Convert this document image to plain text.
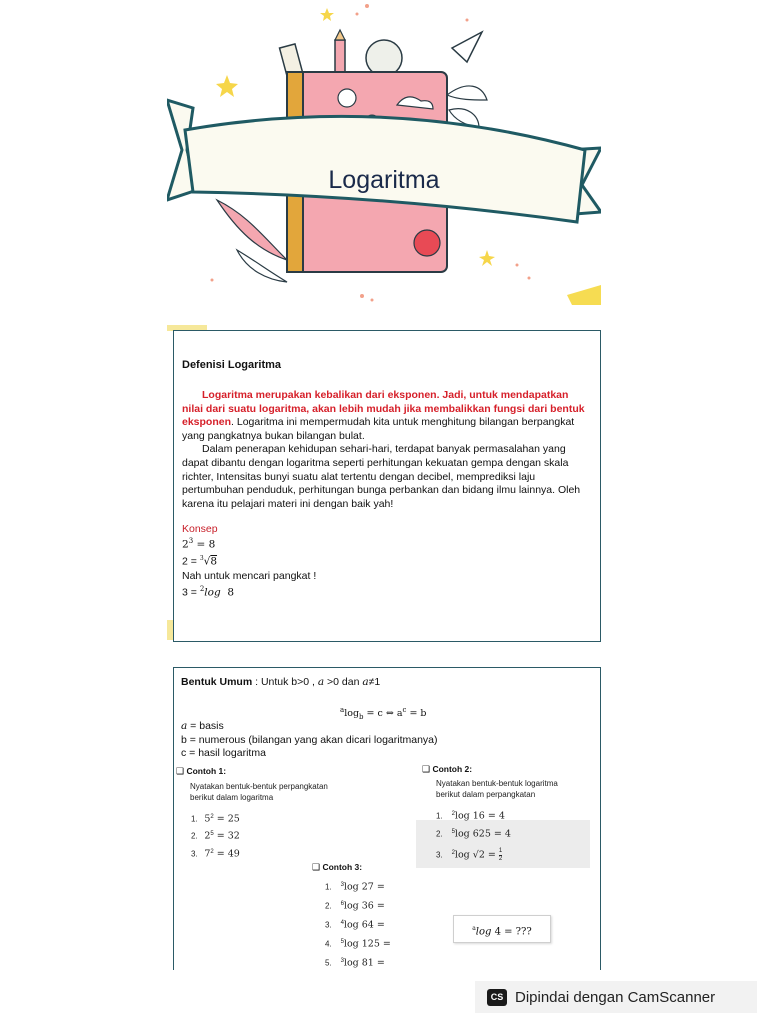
Logaritma
Defenisi Logaritma

Logaritma merupakan kebalikan dari eksponen. Jadi, untuk mendapatkan nilai dari suatu logaritma, akan lebih mudah jika membalikkan fungsi dari bentuk eksponen. Logaritma ini mempermudah kita untuk menghitung bilangan berpangkat yang pangkatnya bukan bilangan bulat.

Dalam penerapan kehidupan sehari-hari, terdapat banyak permasalahan yang dapat dibantu dengan logaritma seperti perhitungan kekuatan gempa dengan skala richter, Intensitas bunyi suatu alat tertentu dengan decibel, memprediksi laju pertumbuhan penduduk, perhitungan bunga perbankan dan bidang ilmu lainnya. Oleh karena itu pelajari materi ini dengan baik yah!

Konsep
$2^3 = 8$
2 = $^3$√8
Nah untuk mencari pangkat !
3 = $^2$log 8
Bentuk Umum : Untuk b>0 , a >0 dan a≠1
$^a\log_b = c$ ⇔ $a^c = b$
a = basis
b = numerous (bilangan yang akan dicari logaritmanya)
c = hasil logaritma
❑ Contoh 1:
Nyatakan bentuk-bentuk perpangkatan
berikut dalam logaritma
1. $5^2 = 25$
2. $2^5 = 32$
3. $7^2 = 49$
❑ Contoh 2:
Nyatakan bentuk-bentuk logaritma
berikut dalam perpangkatan
1. $^2$log 16 = 4
2. $^5$log 625 = 4
3. $^2$log $√2 = \frac{1}{2}$
❑ Contoh 3:
1. $^3$log 27 =
2. $^6$log 36 =
3. $^4$log 64 =
4. $^5$log 125 =
5. $^3$log 81 =
$^a$log 4 = ???
CS Dipindai dengan CamScanner
